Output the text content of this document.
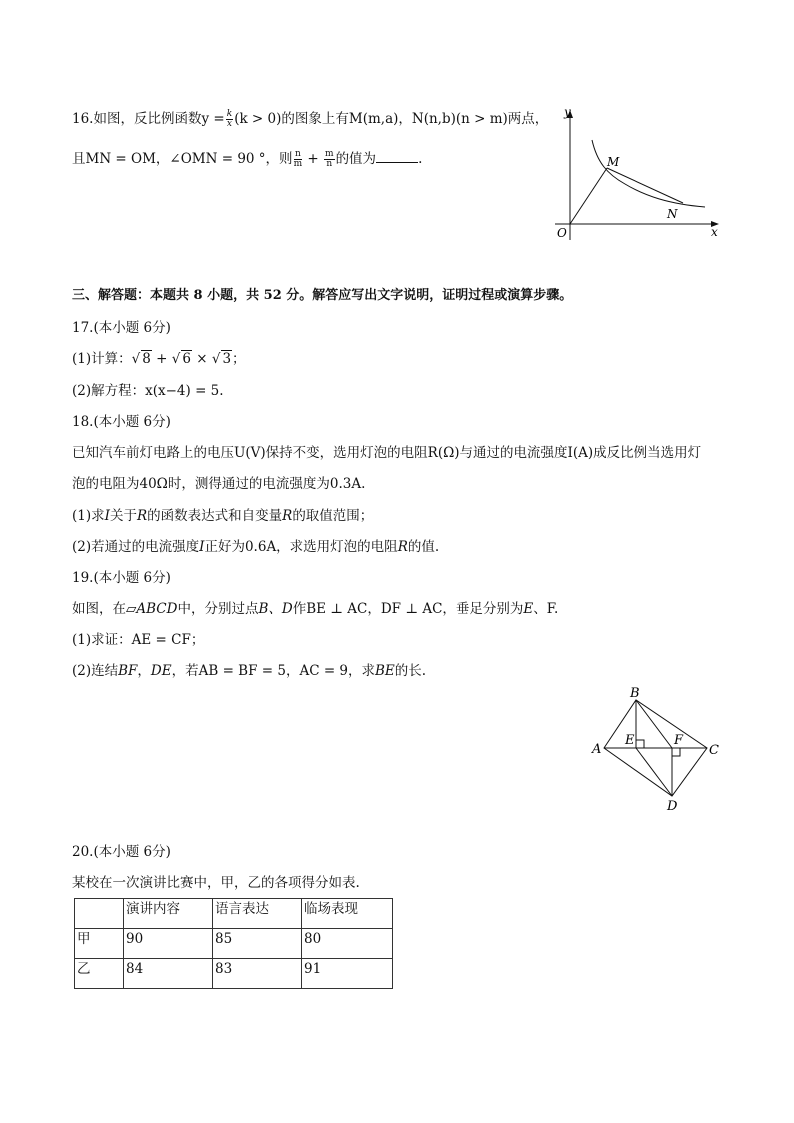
16.如图，反比例函数$y = \frac{k}{x} (k > 0)$的图象上有M(m,a)，N(n,b)(n > m)两点，
且MN = OM，∠OMN = 90 °，则 $\frac{n}{m} + \frac{m}{n}$ 的值为	.
y
x
O
M
N
三、解答题：本题共 8 小题，共 52 分。解答应写出文字说明，证明过程或演算步骤。
17.(本小题 6分)
(1)计算：√ 8 + √ 6 × √ 3；
(2)解方程：x(x−4) = 5.
18.(本小题 6分)
已知汽车前灯电路上的电压U(V)保持不变，选用灯泡的电阻R(Ω)与通过的电流强度I(A)成反比例当选用灯
泡的电阻为40Ω时，测得通过的电流强度为0.3A.
(1)求I关于R的函数表达式和自变量R的取值范围；
(2)若通过的电流强度I正好为0.6A，求选用灯泡的电阻R的值.
19.(本小题 6分)
如图，在▱ABCD中，分别过点B、D作BE ⊥ AC，DF ⊥ AC，垂足分别为E、F.
(1)求证：AE = CF；
(2)连结BF，DE，若AB = BF = 5，AC = 9，求BE的长.
A
B
C
D
E	F
20.(本小题 6分)
某校在一次演讲比赛中，甲，乙的各项得分如表.
	演讲内容	语言表达	临场表现
甲	90	85	80
乙	84	83	91
